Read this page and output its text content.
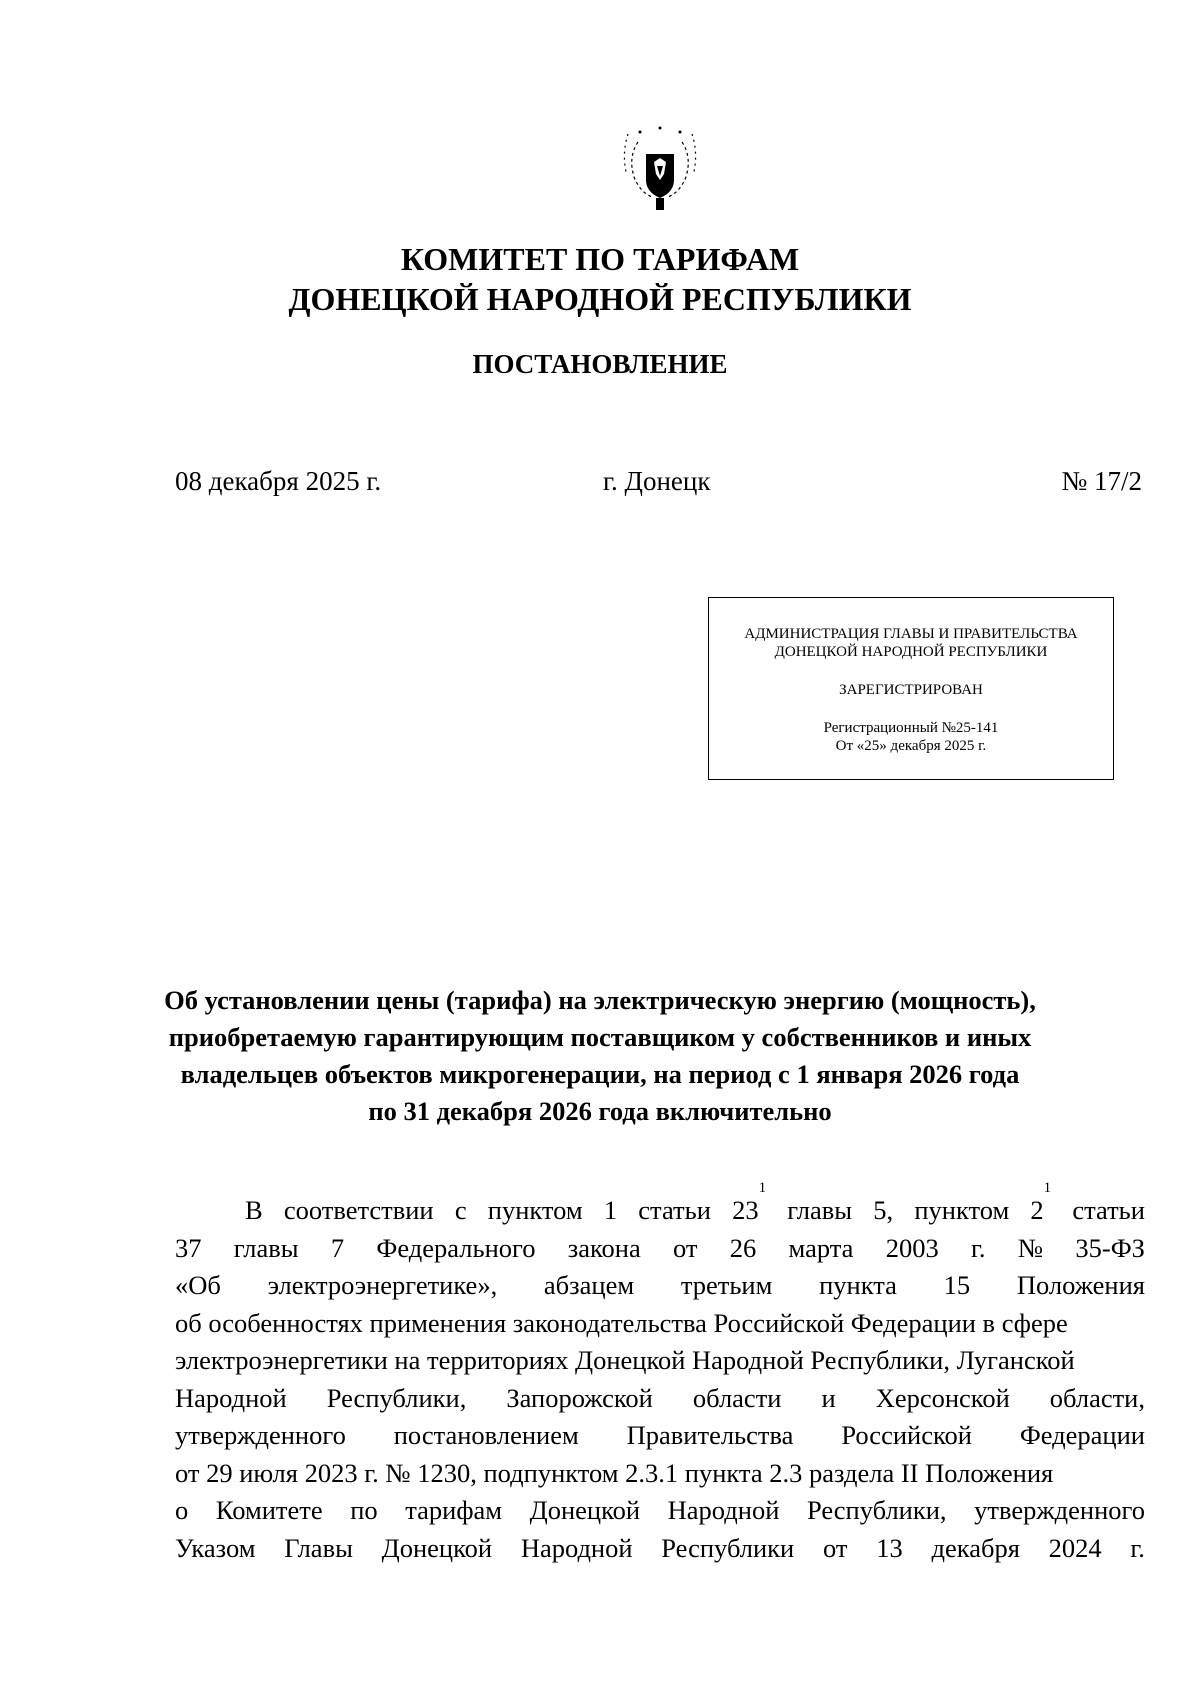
КОМИТЕТ ПО ТАРИФАМ
ДОНЕЦКОЙ НАРОДНОЙ РЕСПУБЛИКИ
ПОСТАНОВЛЕНИЕ
08 декабря 2025 г.	г. Донецк	№ 17/2
АДМИНИСТРАЦИЯ ГЛАВЫ И ПРАВИТЕЛЬСТВА
ДОНЕЦКОЙ НАРОДНОЙ РЕСПУБЛИКИ
ЗАРЕГИСТРИРОВАН
Регистрационный №25-141
От «25» декабря 2025 г.
Об установлении цены (тарифа) на электрическую энергию (мощность),
приобретаемую гарантирующим поставщиком у собственников и иных
владельцев объектов микрогенерации, на период с 1 января 2026 года
по 31 декабря 2026 года включительно
В соответствии с пунктом 1 статьи $23^1$
главы 5, пунктом $2^1$
статьи
37 главы 7 Федерального закона от 26 марта 2003 г. № 35-ФЗ
«Об электроэнергетике», абзацем третьим пункта 15 Положения
об особенностях применения законодательства Российской Федерации в сфере
электроэнергетики на территориях Донецкой Народной Республики, Луганской
Народной Республики, Запорожской области и Херсонской области,
утвержденного постановлением Правительства Российской Федерации
от 29 июля 2023 г. № 1230, подпунктом 2.3.1 пункта 2.3 раздела II Положения
о Комитете по тарифам Донецкой Народной Республики, утвержденного
Указом Главы Донецкой Народной Республики от 13 декабря 2024 г.
